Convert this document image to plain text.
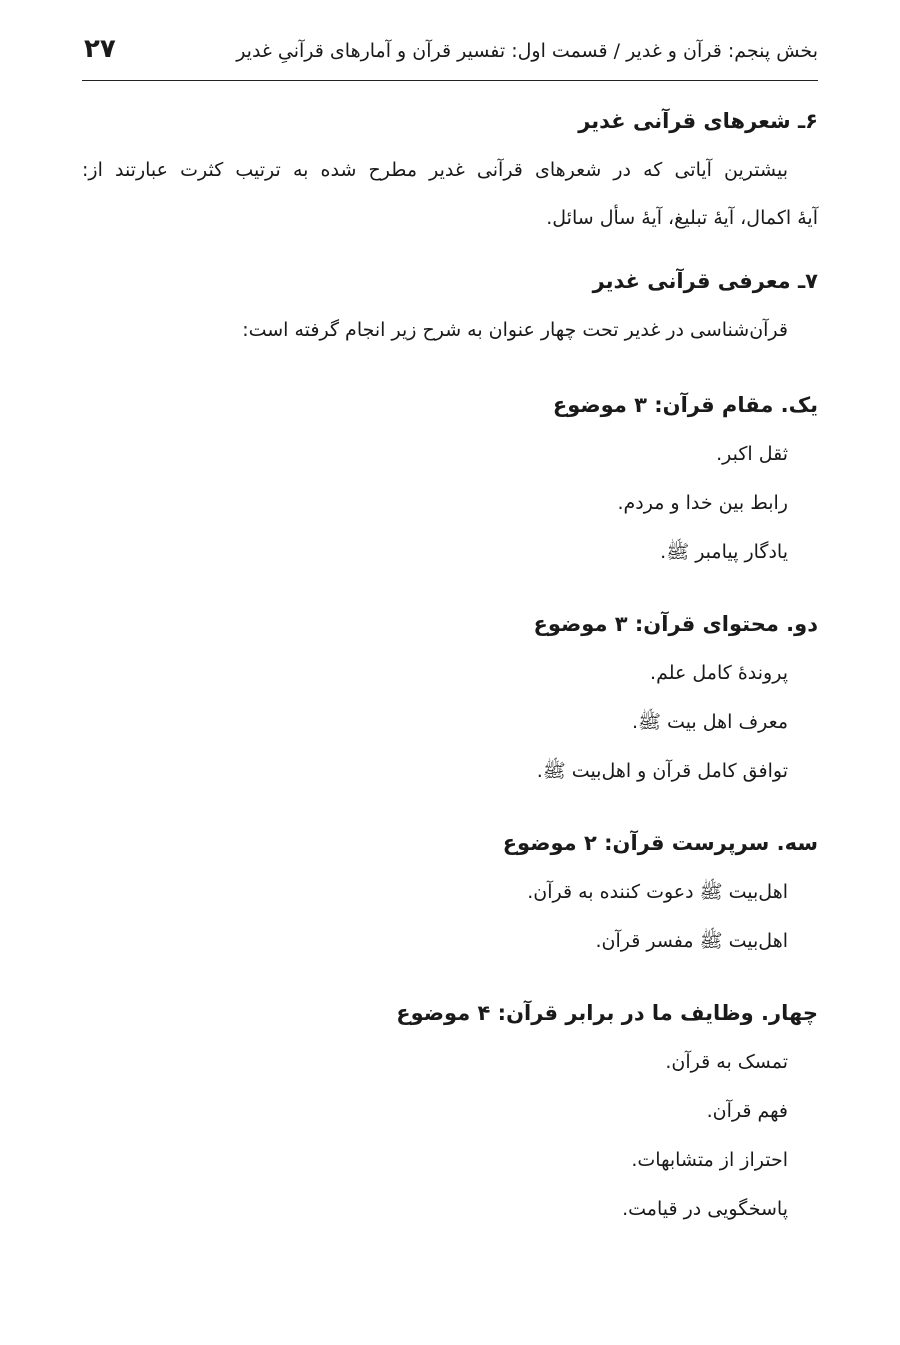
بخش پنجم: قرآن و غدیر / قسمت اول: تفسیر قرآن و آمارهای قرآنیِ غدیر
۲۷

۶ـ شعرهای قرآنی غدیر

بیشترین آیاتی که در شعرهای قرآنی غدیر مطرح شده به ترتیب کثرت عبارتند از:

آیهٔ اکمال، آیهٔ تبلیغ، آیهٔ سأل سائل.

۷ـ معرفی قرآنی غدیر

قرآن‌شناسی در غدیر تحت چهار عنوان به شرح زیر انجام گرفته است:

یک. مقام قرآن: ۳ موضوع

ثقل اکبر.

رابط بین خدا و مردم.

یادگار پیامبر ﷺ.

دو. محتوای قرآن: ۳ موضوع

پروندهٔ کامل علم.

معرف اهل بیت ﷺ.

توافق کامل قرآن و اهل‌بیت ﷺ.

سه. سرپرست قرآن: ۲ موضوع

اهل‌بیت ﷺ دعوت کننده به قرآن.

اهل‌بیت ﷺ مفسر قرآن.

چهار. وظایف ما در برابر قرآن: ۴ موضوع

تمسک به قرآن.

فهم قرآن.

احتراز از متشابهات.

پاسخگویی در قیامت.
